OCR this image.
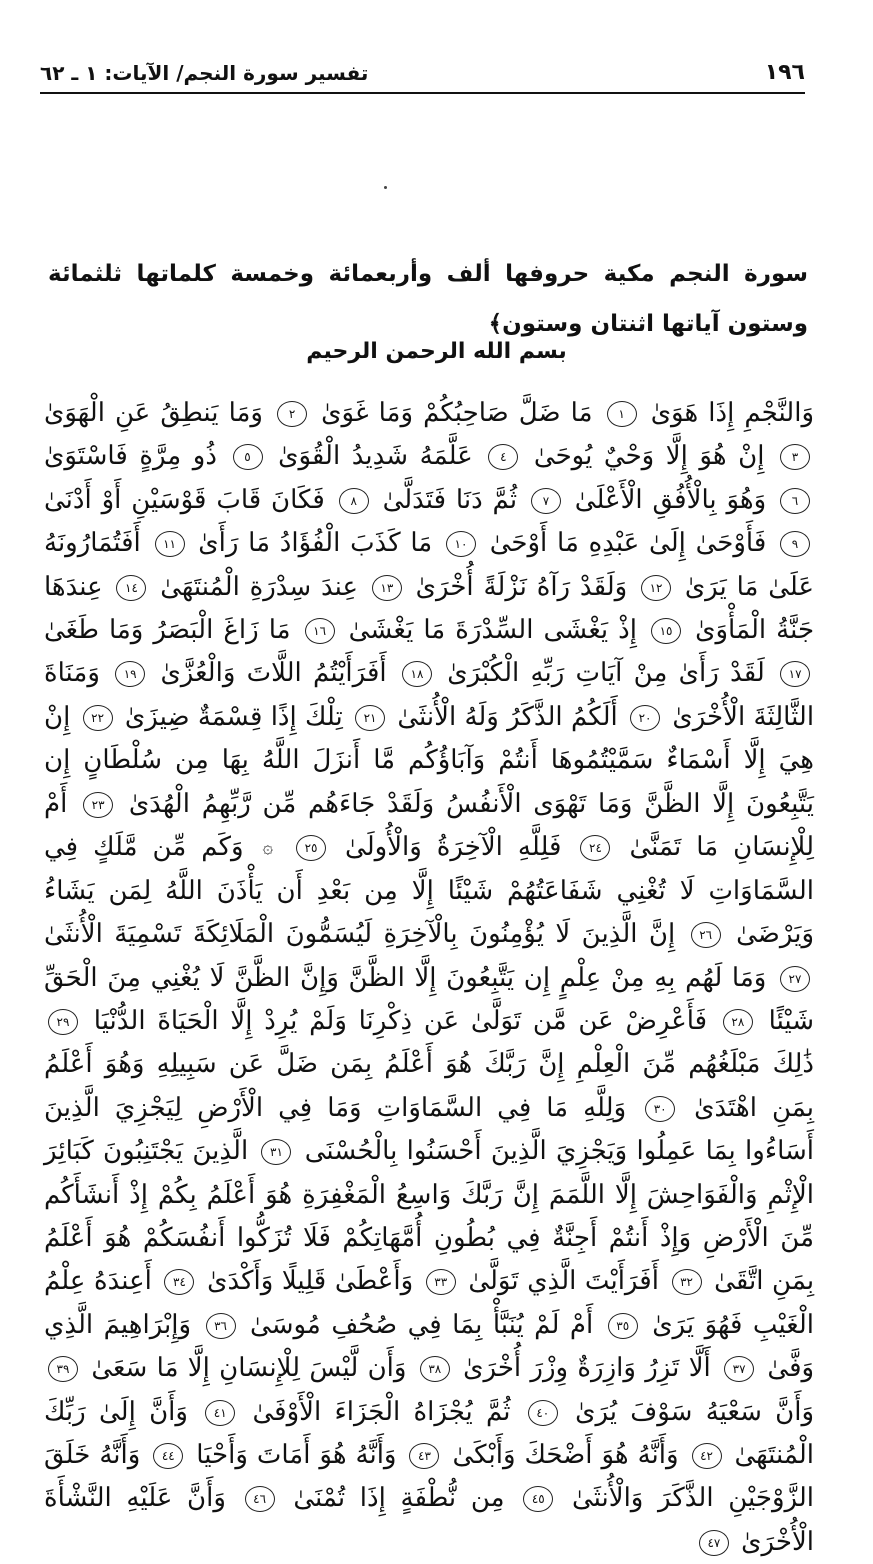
١٩٦
تفسير سورة النجم/ الآيات: ١ ـ ٦٢

سورة النجم مكية حروفها ألف وأربعمائة وخمسة كلماتها ثلثمائة وستون آياتها اثنتان وستون﴾

بسم الله الرحمن الرحيم
وَالنَّجْمِ إِذَا هَوَىٰ ١ مَا ضَلَّ صَاحِبُكُمْ وَمَا غَوَىٰ ٢ وَمَا يَنطِقُ عَنِ الْهَوَىٰ ٣ إِنْ هُوَ إِلَّا وَحْيٌ يُوحَىٰ ٤ عَلَّمَهُ شَدِيدُ الْقُوَىٰ ٥ ذُو مِرَّةٍ فَاسْتَوَىٰ ٦ وَهُوَ بِالْأُفُقِ الْأَعْلَىٰ ٧ ثُمَّ دَنَا فَتَدَلَّىٰ ٨ فَكَانَ قَابَ قَوْسَيْنِ أَوْ أَدْنَىٰ ٩ فَأَوْحَىٰ إِلَىٰ عَبْدِهِ مَا أَوْحَىٰ ١٠ مَا كَذَبَ الْفُؤَادُ مَا رَأَىٰ ١١ أَفَتُمَارُونَهُ عَلَىٰ مَا يَرَىٰ ١٢ وَلَقَدْ رَآهُ نَزْلَةً أُخْرَىٰ ١٣ عِندَ سِدْرَةِ الْمُنتَهَىٰ ١٤ عِندَهَا جَنَّةُ الْمَأْوَىٰ ١٥ إِذْ يَغْشَى السِّدْرَةَ مَا يَغْشَىٰ ١٦ مَا زَاغَ الْبَصَرُ وَمَا طَغَىٰ ١٧ لَقَدْ رَأَىٰ مِنْ آيَاتِ رَبِّهِ الْكُبْرَىٰ ١٨ أَفَرَأَيْتُمُ اللَّاتَ وَالْعُزَّىٰ ١٩ وَمَنَاةَ الثَّالِثَةَ الْأُخْرَىٰ ٢٠ أَلَكُمُ الذَّكَرُ وَلَهُ الْأُنثَىٰ ٢١ تِلْكَ إِذًا قِسْمَةٌ ضِيزَىٰ ٢٢ إِنْ هِيَ إِلَّا أَسْمَاءٌ سَمَّيْتُمُوهَا أَنتُمْ وَآبَاؤُكُم مَّا أَنزَلَ اللَّهُ بِهَا مِن سُلْطَانٍ إِن يَتَّبِعُونَ إِلَّا الظَّنَّ وَمَا تَهْوَى الْأَنفُسُ وَلَقَدْ جَاءَهُم مِّن رَّبِّهِمُ الْهُدَىٰ ٢٣ أَمْ لِلْإِنسَانِ مَا تَمَنَّىٰ ٢٤ فَلِلَّهِ الْآخِرَةُ وَالْأُولَىٰ ٢٥ ۞ وَكَم مِّن مَّلَكٍ فِي السَّمَاوَاتِ لَا تُغْنِي شَفَاعَتُهُمْ شَيْئًا إِلَّا مِن بَعْدِ أَن يَأْذَنَ اللَّهُ لِمَن يَشَاءُ وَيَرْضَىٰ ٢٦ إِنَّ الَّذِينَ لَا يُؤْمِنُونَ بِالْآخِرَةِ لَيُسَمُّونَ الْمَلَائِكَةَ تَسْمِيَةَ الْأُنثَىٰ ٢٧ وَمَا لَهُم بِهِ مِنْ عِلْمٍ إِن يَتَّبِعُونَ إِلَّا الظَّنَّ وَإِنَّ الظَّنَّ لَا يُغْنِي مِنَ الْحَقِّ شَيْئًا ٢٨ فَأَعْرِضْ عَن مَّن تَوَلَّىٰ عَن ذِكْرِنَا وَلَمْ يُرِدْ إِلَّا الْحَيَاةَ الدُّنْيَا ٢٩ ذَٰلِكَ مَبْلَغُهُم مِّنَ الْعِلْمِ إِنَّ رَبَّكَ هُوَ أَعْلَمُ بِمَن ضَلَّ عَن سَبِيلِهِ وَهُوَ أَعْلَمُ بِمَنِ اهْتَدَىٰ ٣٠ وَلِلَّهِ مَا فِي السَّمَاوَاتِ وَمَا فِي الْأَرْضِ لِيَجْزِيَ الَّذِينَ أَسَاءُوا بِمَا عَمِلُوا وَيَجْزِيَ الَّذِينَ أَحْسَنُوا بِالْحُسْنَى ٣١ الَّذِينَ يَجْتَنِبُونَ كَبَائِرَ الْإِثْمِ وَالْفَوَاحِشَ إِلَّا اللَّمَمَ إِنَّ رَبَّكَ وَاسِعُ الْمَغْفِرَةِ هُوَ أَعْلَمُ بِكُمْ إِذْ أَنشَأَكُم مِّنَ الْأَرْضِ وَإِذْ أَنتُمْ أَجِنَّةٌ فِي بُطُونِ أُمَّهَاتِكُمْ فَلَا تُزَكُّوا أَنفُسَكُمْ هُوَ أَعْلَمُ بِمَنِ اتَّقَىٰ ٣٢ أَفَرَأَيْتَ الَّذِي تَوَلَّىٰ ٣٣ وَأَعْطَىٰ قَلِيلًا وَأَكْدَىٰ ٣٤ أَعِندَهُ عِلْمُ الْغَيْبِ فَهُوَ يَرَىٰ ٣٥ أَمْ لَمْ يُنَبَّأْ بِمَا فِي صُحُفِ مُوسَىٰ ٣٦ وَإِبْرَاهِيمَ الَّذِي وَفَّىٰ ٣٧ أَلَّا تَزِرُ وَازِرَةٌ وِزْرَ أُخْرَىٰ ٣٨ وَأَن لَّيْسَ لِلْإِنسَانِ إِلَّا مَا سَعَىٰ ٣٩ وَأَنَّ سَعْيَهُ سَوْفَ يُرَىٰ ٤٠ ثُمَّ يُجْزَاهُ الْجَزَاءَ الْأَوْفَىٰ ٤١ وَأَنَّ إِلَىٰ رَبِّكَ الْمُنتَهَىٰ ٤٢ وَأَنَّهُ هُوَ أَضْحَكَ وَأَبْكَىٰ ٤٣ وَأَنَّهُ هُوَ أَمَاتَ وَأَحْيَا ٤٤ وَأَنَّهُ خَلَقَ الزَّوْجَيْنِ الذَّكَرَ وَالْأُنثَىٰ ٤٥ مِن نُّطْفَةٍ إِذَا تُمْنَىٰ ٤٦ وَأَنَّ عَلَيْهِ النَّشْأَةَ الْأُخْرَىٰ ٤٧
